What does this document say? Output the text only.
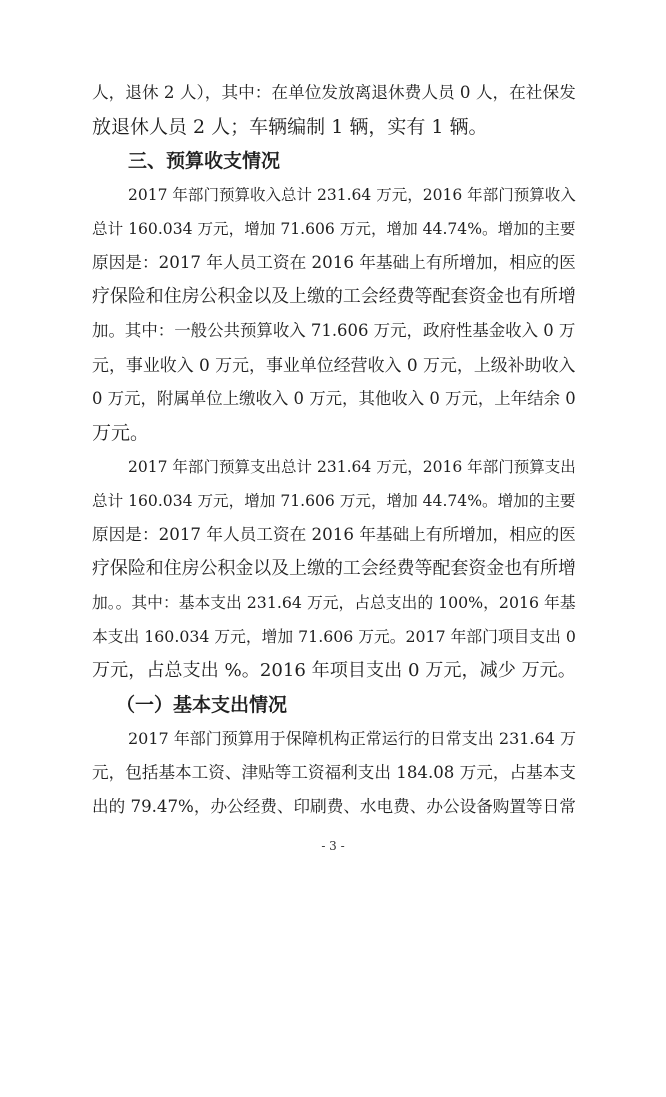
人，退休 2 人），其中：在单位发放离退休费人员 0 人，在社保发
放退休人员 2 人；车辆编制 1 辆，实有 1 辆。
三、预算收支情况
2017 年部门预算收入总计 231.64 万元，2016 年部门预算收入
总计 160.034 万元，增加 71.606 万元，增加 44.74%。增加的主要
原因是：2017 年人员工资在 2016 年基础上有所增加，相应的医
疗保险和住房公积金以及上缴的工会经费等配套资金也有所增
加。其中：一般公共预算收入 71.606 万元，政府性基金收入 0 万
元，事业收入 0 万元，事业单位经营收入 0 万元，上级补助收入
0 万元，附属单位上缴收入 0 万元，其他收入 0 万元，上年结余 0
万元。
2017 年部门预算支出总计 231.64 万元，2016 年部门预算支出
总计 160.034 万元，增加 71.606 万元，增加 44.74%。增加的主要
原因是：2017 年人员工资在 2016 年基础上有所增加，相应的医
疗保险和住房公积金以及上缴的工会经费等配套资金也有所增
加。。其中：基本支出 231.64 万元，占总支出的 100%，2016 年基
本支出 160.034 万元，增加 71.606 万元。2017 年部门项目支出 0
万元，占总支出 %。2016 年项目支出 0 万元，减少 万元。
（一）基本支出情况
2017 年部门预算用于保障机构正常运行的日常支出 231.64 万
元，包括基本工资、津贴等工资福利支出 184.08 万元，占基本支
出的 79.47%，办公经费、印刷费、水电费、办公设备购置等日常
- 3 -
